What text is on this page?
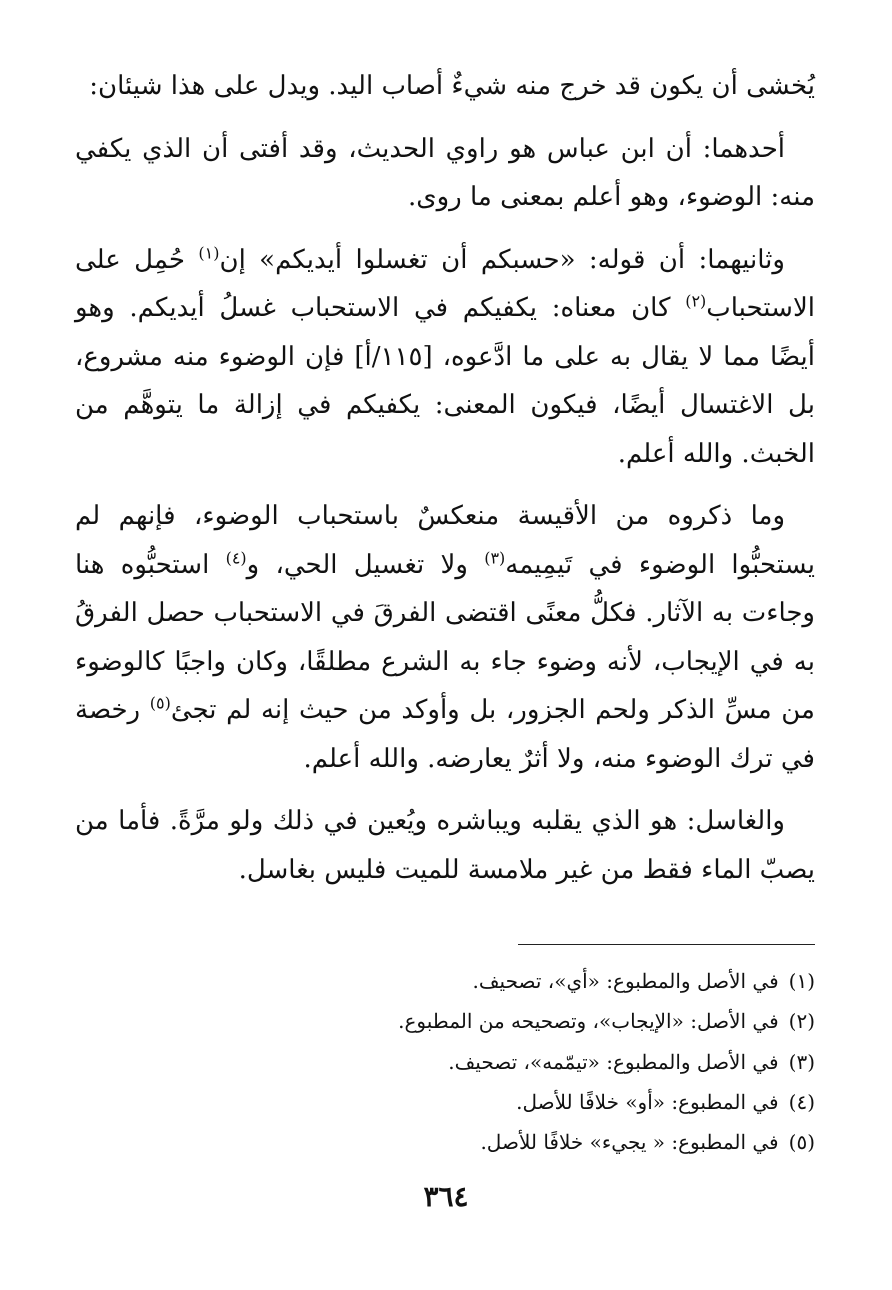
يُخشى أن يكون قد خرج منه شيءٌ أصاب اليد. ويدل على هذا شيئان:

أحدهما: أن ابن عباس هو راوي الحديث، وقد أفتى أن الذي يكفي منه: الوضوء، وهو أعلم بمعنى ما روى.

وثانيهما: أن قوله: «حسبكم أن تغسلوا أيديكم» إن$^{(١)}$ حُمِل على الاستحباب$^{(٢)}$ كان معناه: يكفيكم في الاستحباب غسلُ أيديكم. وهو أيضًا مما لا يقال به على ما ادَّعوه، [١١٥/أ] فإن الوضوء منه مشروع، بل الاغتسال أيضًا، فيكون المعنى: يكفيكم في إزالة ما يتوهَّم من الخبث. والله أعلم.

وما ذكروه من الأقيسة منعكسٌ باستحباب الوضوء، فإنهم لم يستحبُّوا الوضوء في تَيمِيمه$^{(٣)}$ ولا تغسيل الحي، و$^{(٤)}$ استحبُّوه هنا وجاءت به الآثار. فكلُّ معنًى اقتضى الفرقَ في الاستحباب حصل الفرقُ به في الإيجاب، لأنه وضوء جاء به الشرع مطلقًا، وكان واجبًا كالوضوء من مسِّ الذكر ولحم الجزور، بل وأوكد من حيث إنه لم تجئ$^{(٥)}$ رخصة في ترك الوضوء منه، ولا أثرٌ يعارضه. والله أعلم.

والغاسل: هو الذي يقلبه ويباشره ويُعين في ذلك ولو مرَّةً. فأما من يصبّ الماء فقط من غير ملامسة للميت فليس بغاسل.

(١)في الأصل والمطبوع: «أي»، تصحيف.
(٢)في الأصل: «الإيجاب»، وتصحيحه من المطبوع.
(٣)في الأصل والمطبوع: «تيمّمه»، تصحيف.
(٤)في المطبوع: «أو» خلافًا للأصل.
(٥)في المطبوع: « يجيء» خلافًا للأصل.
٣٦٤
